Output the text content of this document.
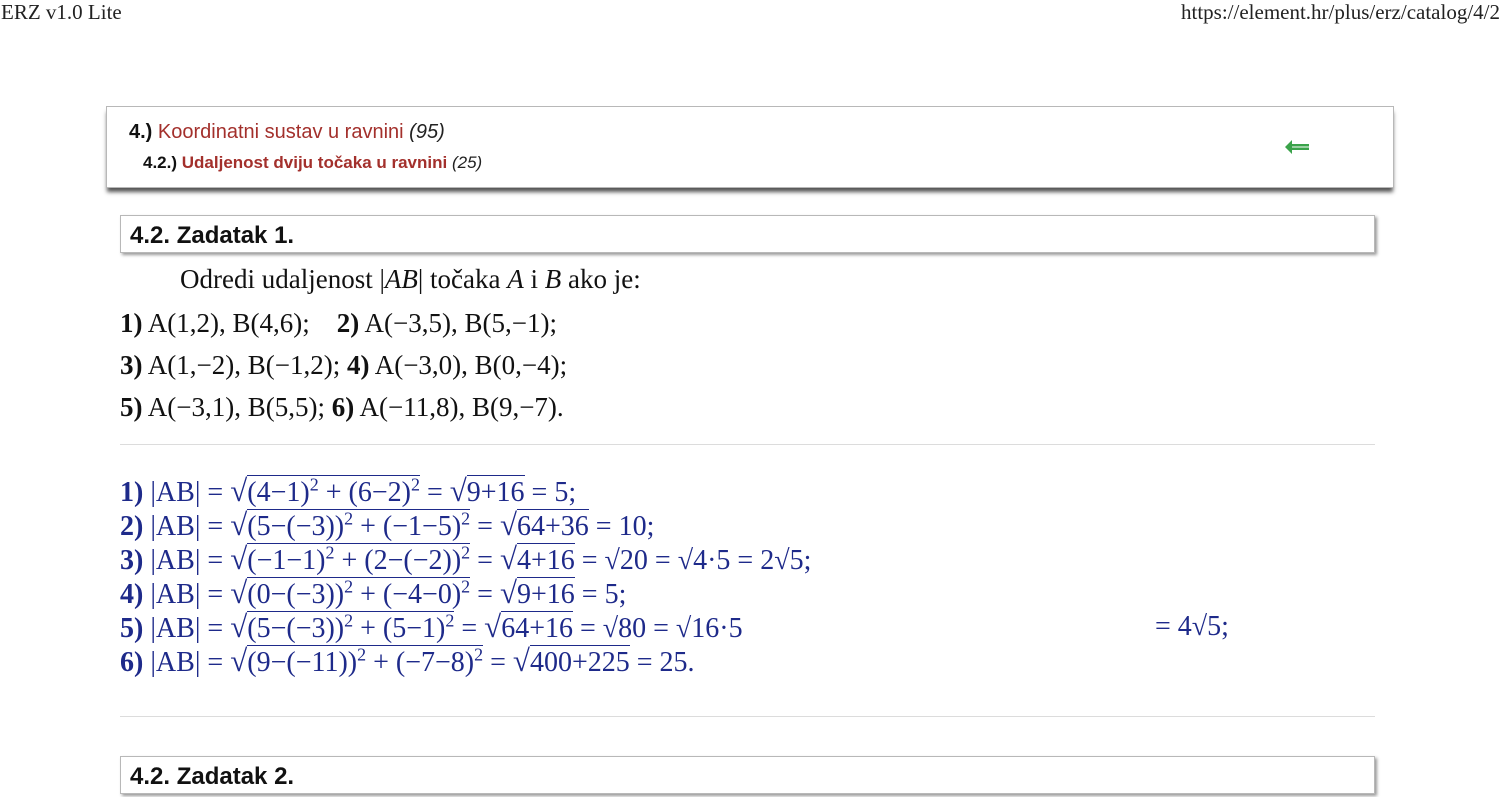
ERZ v1.0 Lite	https://element.hr/plus/erz/catalog/4/2
4.) Koordinatni sustav u ravnini (95)
4.2.) Udaljenost dviju točaka u ravnini (25)
4.2. Zadatak 1.
Odredi udaljenost |AB| točaka A i B ako je:
1) A(1,2), B(4,6); 2) A(−3,5), B(5,−1);
3) A(1,−2), B(−1,2); 4) A(−3,0), B(0,−4);
5) A(−3,1), B(5,5); 6) A(−11,8), B(9,−7).
1) $|AB| = √(4-1)^2 + (6-2)^2 = √9+16 = 5$;
2) $|AB| = √(5-(-3))^2 + (-1-5)^2 = √64+36 = 10$;
3) $|AB| = √(-1-1)^2 + (2-(-2))^2 = √4+16 = √20 = √4\cdot 5 = 2√5$;
4) $|AB| = √(0-(-3))^2 + (-4-0)^2 = √9+16 = 5$;
5) $|AB| = √(5-(-3))^2 + (5-1)^2 = √64+16 = √80 = √16\cdot 5$	= 4√5;
6) $|AB| = √(9-(-11))^2 + (-7-8)^2 = √400+225 = 25$.
4.2. Zadatak 2.
